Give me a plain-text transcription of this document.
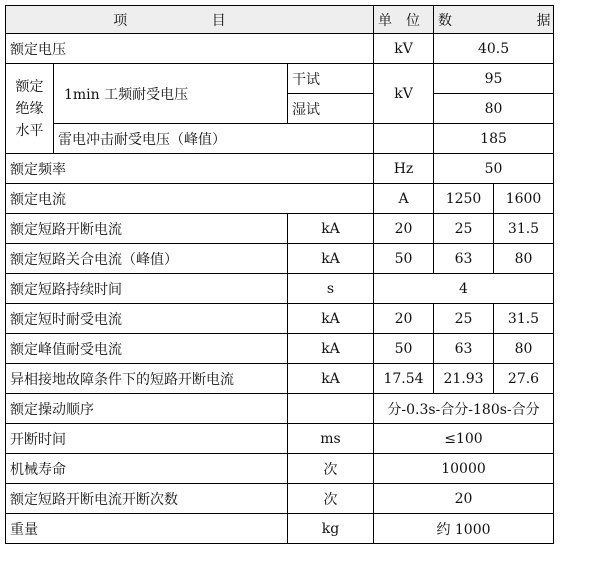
项 目			单位	数 据		
额定电压			kV	40.5		

额定
绝缘
水平	1min 工频耐受电压	干试	kV	95		
		湿试		80		
	雷电冲击耐受电压（峰值）			185		
额定频率			Hz	50		
额定电流			A	1250	1600	
额定短路开断电流	kA	20	25	31.5
额定短路关合电流（峰值）	kA	50	63	80
额定短路持续时间	s	4		
额定短时耐受电流	kA	20	25	31.5
额定峰值耐受电流	kA	50	63	80
异相接地故障条件下的短路开断电流	kA	17.54	21.93	27.6
额定操动顺序		分-0.3s-合分-180s-合分		
开断时间	ms	≤100		
机械寿命	次	10000		
额定短路开断电流开断次数	次	20		
重量	kg	约 1000		
